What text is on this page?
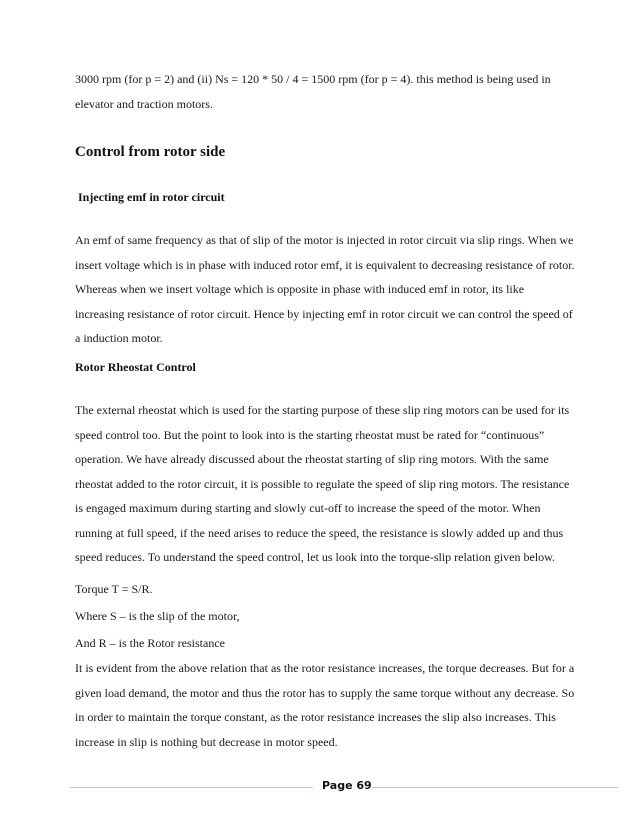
3000 rpm (for p = 2) and (ii) Ns = 120 * 50 / 4 = 1500 rpm (for p = 4). this method is being used in elevator and traction motors.

Control from rotor side
Injecting emf in rotor circuit

An emf of same frequency as that of slip of the motor is injected in rotor circuit via slip rings. When we insert voltage which is in phase with induced rotor emf, it is equivalent to decreasing resistance of rotor. Whereas when we insert voltage which is opposite in phase with induced emf in rotor, its like increasing resistance of rotor circuit. Hence by injecting emf in rotor circuit we can control the speed of a induction motor.

Rotor Rheostat Control

The external rheostat which is used for the starting purpose of these slip ring motors can be used for its speed control too. But the point to look into is the starting rheostat must be rated for “continuous” operation. We have already discussed about the rheostat starting of slip ring motors. With the same rheostat added to the rotor circuit, it is possible to regulate the speed of slip ring motors. The resistance is engaged maximum during starting and slowly cut-off to increase the speed of the motor. When running at full speed, if the need arises to reduce the speed, the resistance is slowly added up and thus speed reduces. To understand the speed control, let us look into the torque-slip relation given below.

Torque T = S/R.

Where S – is the slip of the motor,

And R – is the Rotor resistance

It is evident from the above relation that as the rotor resistance increases, the torque decreases. But for a given load demand, the motor and thus the rotor has to supply the same torque without any decrease. So in order to maintain the torque constant, as the rotor resistance increases the slip also increases. This increase in slip is nothing but decrease in motor speed.

Page 69
